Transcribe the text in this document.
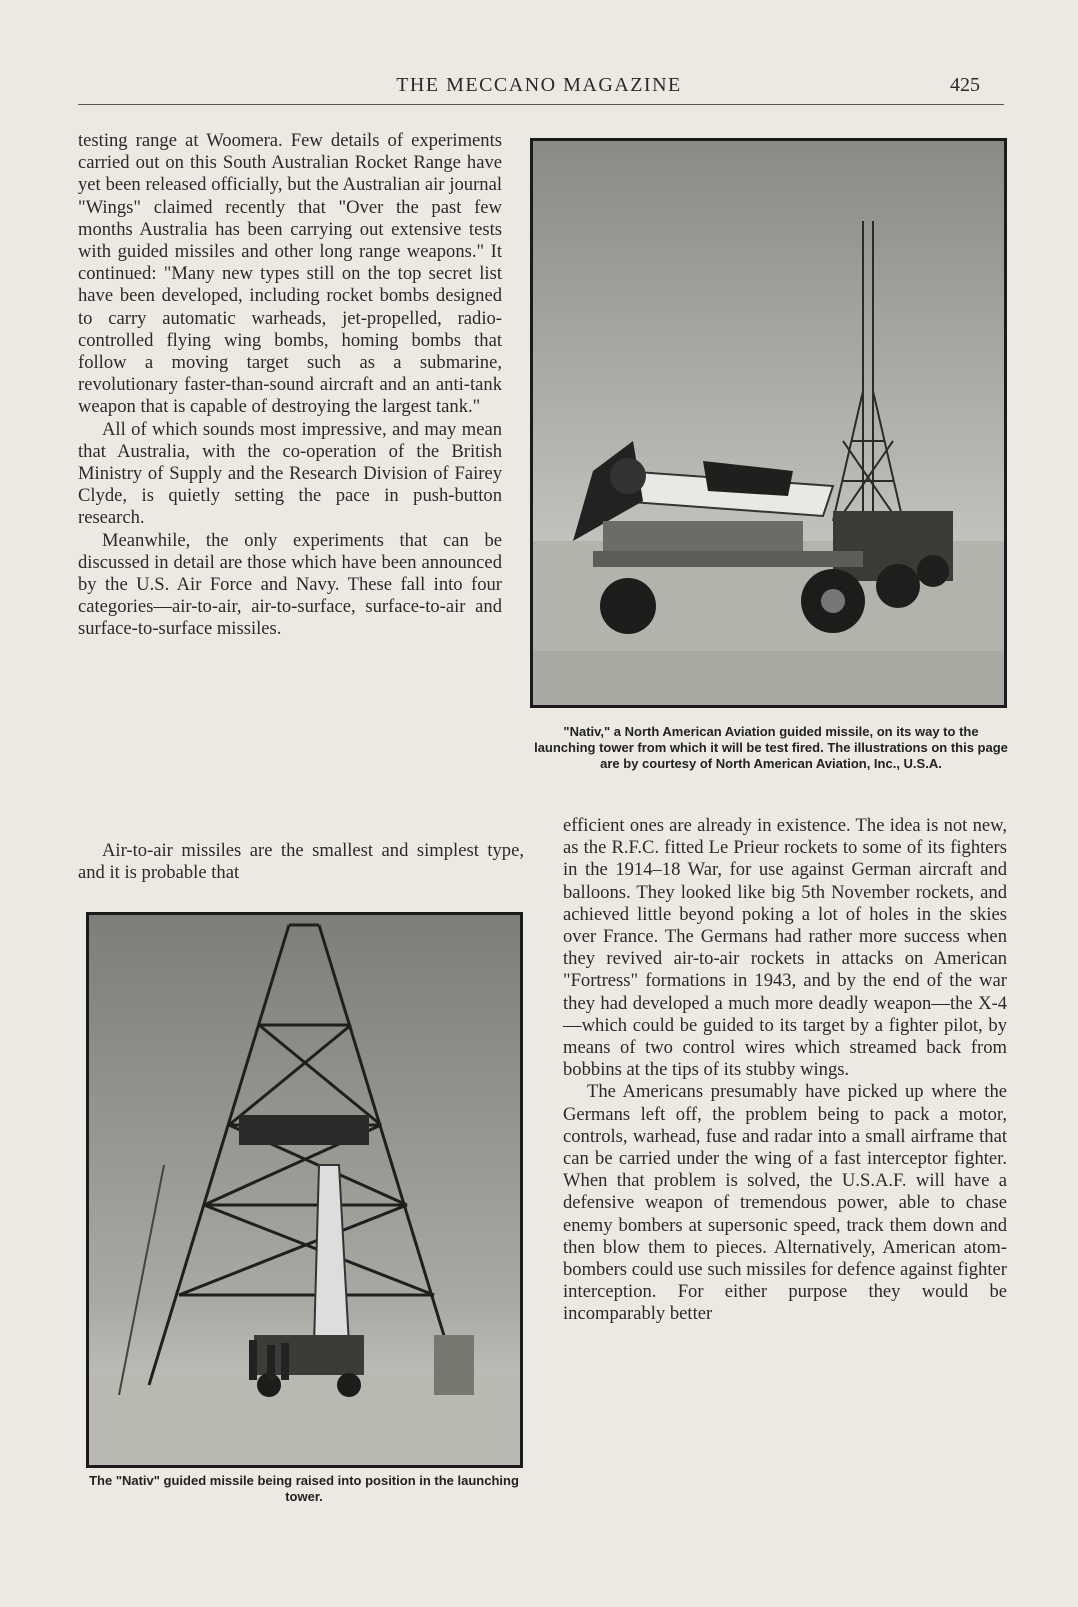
THE MECCANO MAGAZINE	425

testing range at Woomera. Few details of experiments carried out on this South Australian Rocket Range have yet been released officially, but the Australian air journal "Wings" claimed recently that "Over the past few months Australia has been carrying out extensive tests with guided missiles and other long range weapons." It continued: "Many new types still on the top secret list have been developed, including rocket bombs designed to carry automatic warheads, jet-propelled, radio-controlled flying wing bombs, homing bombs that follow a moving target such as a submarine, revolutionary faster-than-sound aircraft and an anti-tank weapon that is capable of destroying the largest tank."

All of which sounds most impressive, and may mean that Australia, with the co-operation of the British Ministry of Supply and the Research Division of Fairey Clyde, is quietly setting the pace in push-button research.

Meanwhile, the only experiments that can be discussed in detail are those which have been announced by the U.S. Air Force and Navy. These fall into four categories—air-to-air, air-to-surface, surface-to-air and surface-to-surface missiles.

Air-to-air missiles are the smallest and simplest type, and it is probable that

"Nativ," a North American Aviation guided missile, on its way to the launching tower from which it will be test fired. The illustrations on this page are by courtesy of North American Aviation, Inc., U.S.A.
The "Nativ" guided missile being raised into position in the launching tower.

efficient ones are already in existence. The idea is not new, as the R.F.C. fitted Le Prieur rockets to some of its fighters in the 1914–18 War, for use against German aircraft and balloons. They looked like big 5th November rockets, and achieved little beyond poking a lot of holes in the skies over France. The Germans had rather more success when they revived air-to-air rockets in attacks on American "Fortress" formations in 1943, and by the end of the war they had developed a much more deadly weapon—the X-4—which could be guided to its target by a fighter pilot, by means of two control wires which streamed back from bobbins at the tips of its stubby wings.

The Americans presumably have picked up where the Germans left off, the problem being to pack a motor, controls, warhead, fuse and radar into a small airframe that can be carried under the wing of a fast interceptor fighter. When that problem is solved, the U.S.A.F. will have a defensive weapon of tremendous power, able to chase enemy bombers at supersonic speed, track them down and then blow them to pieces. Alternatively, American atom-bombers could use such missiles for defence against fighter interception. For either purpose they would be incomparably better
